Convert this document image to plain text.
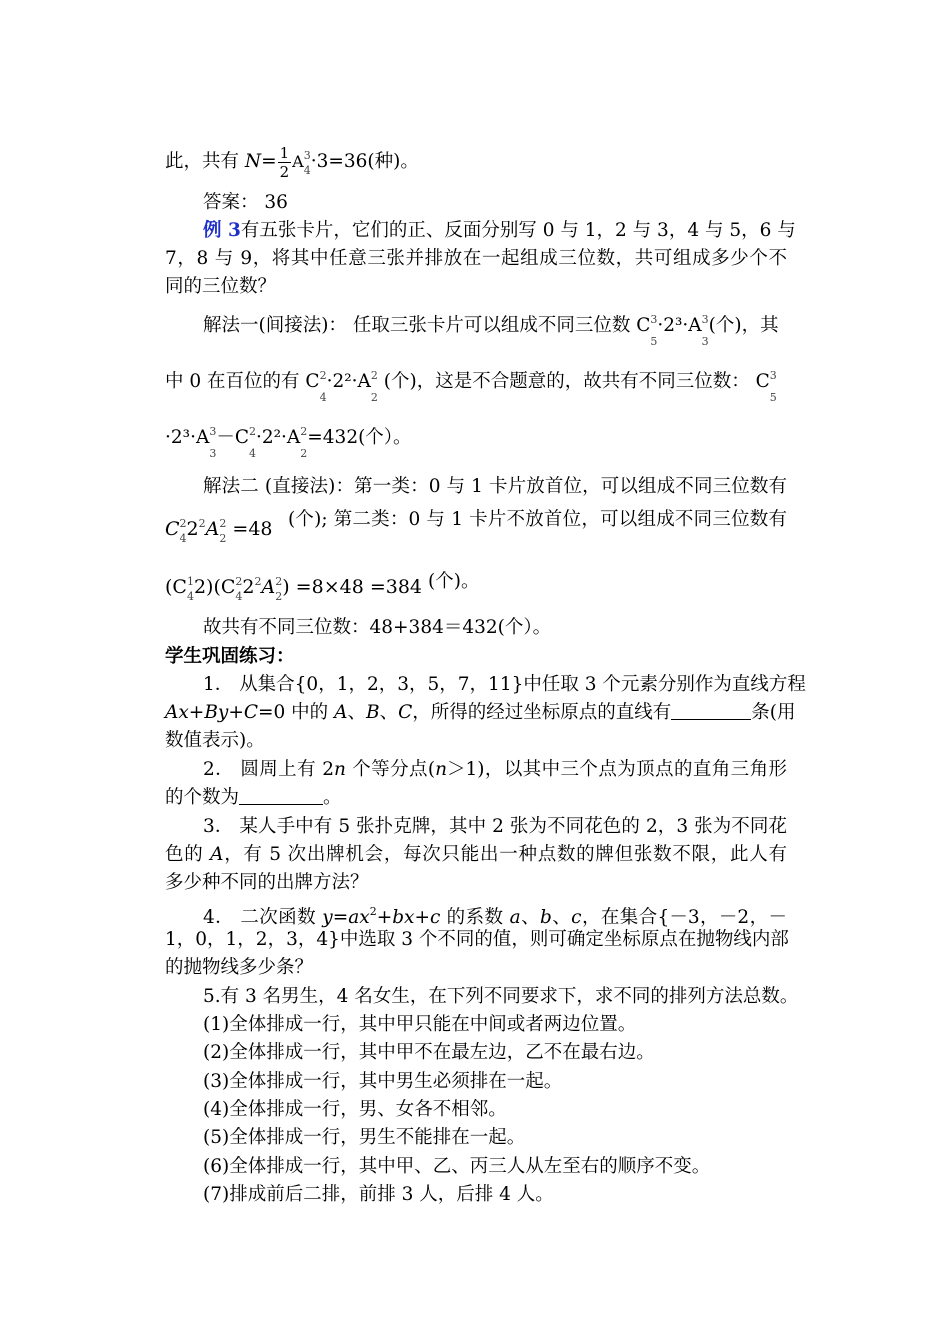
此，共有 $N= \frac{1}{2} A^3_4\cdot 3=36$(种)。
答案： 36
例 3有五张卡片，它们的正、反面分别写 0 与 1，2 与 3，4 与 5，6 与
7，8 与 9，将其中任意三张并排放在一起组成三位数，共可组成多少个不
同的三位数？
解法一(间接法)： 任取三张卡片可以组成不同三位数 $C^3_5\cdot 2^3\cdot A^3_3$(个)，其
中 0 在百位的有 $C^2_4\cdot 2^2\cdot A^2_2$ (个)，这是不合题意的，故共有不同三位数： $C^3_5$
$\cdot 2^3\cdot A^3_3-C^2_4\cdot 2^2\cdot A^2_2=432$(个）。
解法二 (直接法)：第一类：0 与 1 卡片放首位，可以组成不同三位数有
$C^2_42^2A^2_2 =48$ (个); 第二类：0 与 1 卡片不放首位，可以组成不同三位数有
$(C^1_42)(C^2_42^2A^2_2) =8\times 48 =384$ (个)。
故共有不同三位数：48+384＝432(个）。
学生巩固练习：
1． 从集合{0，1，2，3，5，7，11}中任取 3 个元素分别作为直线方程
Ax+By+C=0 中的 A、B、C，所得的经过坐标原点的直线有	条(用
数值表示)。
2． 圆周上有 2n 个等分点(n＞1)，以其中三个点为顶点的直角三角形
的个数为	。
3． 某人手中有 5 张扑克牌，其中 2 张为不同花色的 2，3 张为不同花
色的 A，有 5 次出牌机会，每次只能出一种点数的牌但张数不限，此人有
多少种不同的出牌方法？
4． 二次函数 $y=ax^2+bx+c$ 的系数 a、b、c，在集合{－3，－2，－
1，0，1，2，3，4}中选取 3 个不同的值，则可确定坐标原点在抛物线内部
的抛物线多少条？
5.有 3 名男生，4 名女生，在下列不同要求下，求不同的排列方法总数。
(1)全体排成一行，其中甲只能在中间或者两边位置。
(2)全体排成一行，其中甲不在最左边，乙不在最右边。
(3)全体排成一行，其中男生必须排在一起。
(4)全体排成一行，男、女各不相邻。
(5)全体排成一行，男生不能排在一起。
(6)全体排成一行，其中甲、乙、丙三人从左至右的顺序不变。
(7)排成前后二排，前排 3 人，后排 4 人。
